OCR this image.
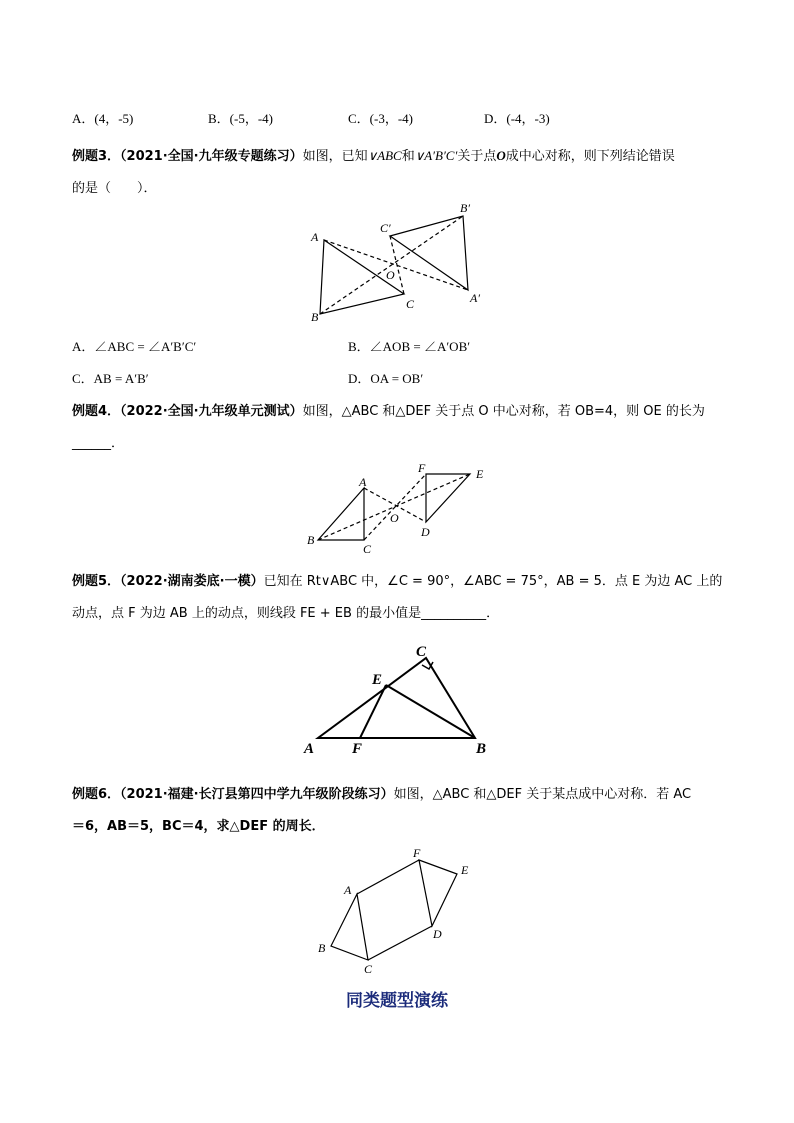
A．(4，-5)	B．(-5，-4)	C．(-3，-4)	D．(-4，-3)
例题3．（2021·全国·九年级专题练习）如图，已知∨ABC和∨A′B′C′关于点O成中心对称，则下列结论错误
的是（　　）．
A
B
C
O
A′
B′
C′
A．∠ABC = ∠A′B′C′	B．∠AOB = ∠A′OB′
C．AB = A′B′	D．OA = OB′
例题4．（2022·全国·九年级单元测试）如图，△ABC 和△DEF 关于点 O 中心对称，若 OB=4，则 OE 的长为
______．
A
B
C
D
E
F
O
例题5．（2022·湖南娄底·一模）已知在 Rt∨ABC 中，∠C = 90°，∠ABC = 75°，AB = 5．点 E 为边 AC 上的
动点，点 F 为边 AB 上的动点，则线段 FE + EB 的最小值是__________．
A	B
C
E
F
例题6．（2021·福建·长汀县第四中学九年级阶段练习）如图，△ABC 和△DEF 关于某点成中心对称．若 AC
＝6，AB＝5，BC＝4，求△DEF 的周长．
A
B
C
D
E
F
同类题型演练
